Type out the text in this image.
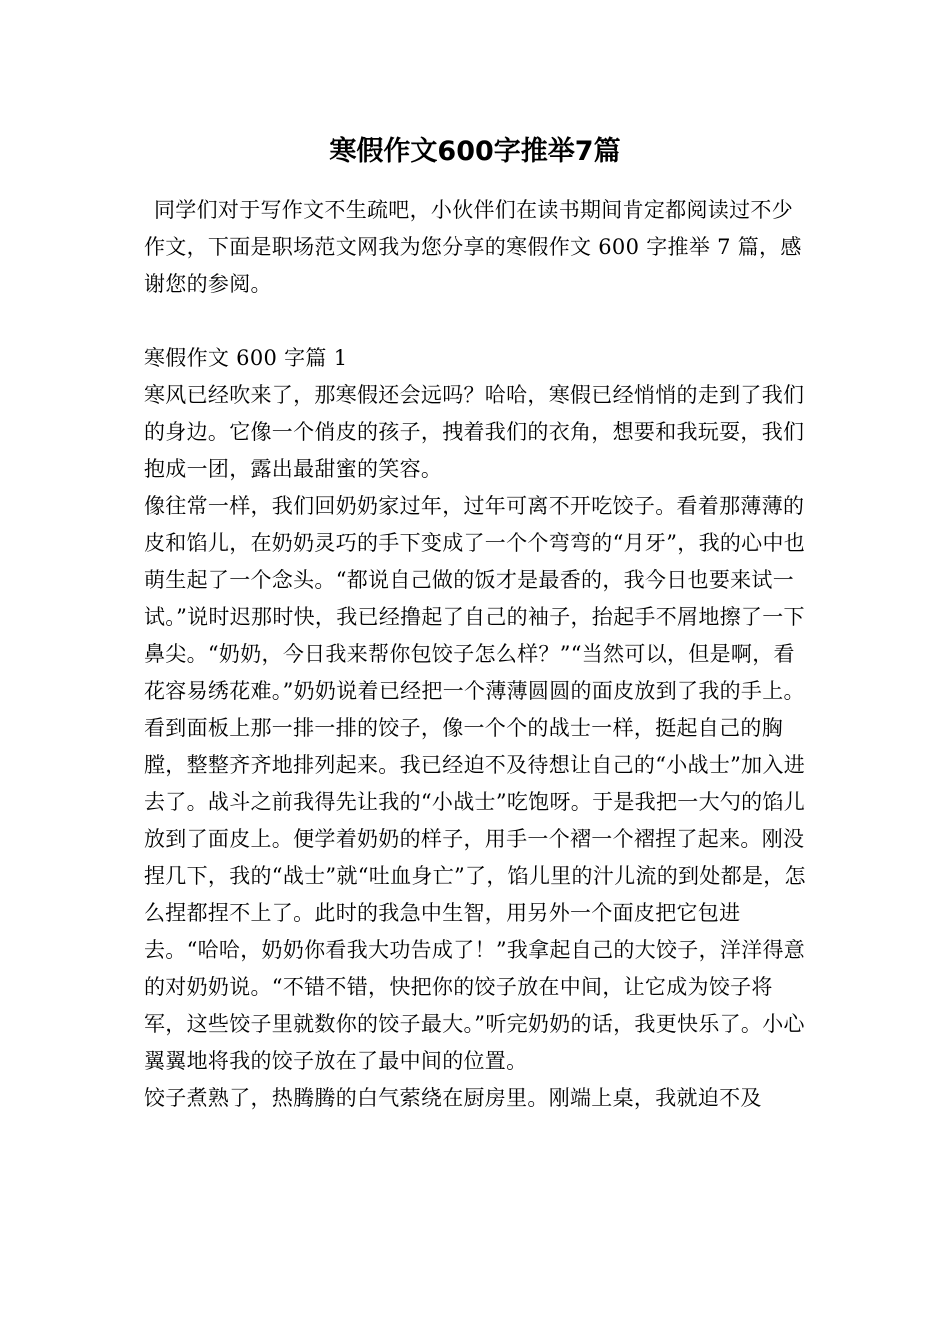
寒假作文600字推举7篇

同学们对于写作文不生疏吧，小伙伴们在读书期间肯定都阅读过不少作文，下面是职场范文网我为您分享的寒假作文 600 字推举 7 篇，感谢您的参阅。

寒假作文 600 字篇 1

寒风已经吹来了，那寒假还会远吗？哈哈，寒假已经悄悄的走到了我们的身边。它像一个俏皮的孩子，拽着我们的衣角，想要和我玩耍，我们抱成一团，露出最甜蜜的笑容。

像往常一样，我们回奶奶家过年，过年可离不开吃饺子。看着那薄薄的皮和馅儿，在奶奶灵巧的手下变成了一个个弯弯的“月牙”，我的心中也萌生起了一个念头。“都说自己做的饭才是最香的，我今日也要来试一试。”说时迟那时快，我已经撸起了自己的袖子，抬起手不屑地擦了一下鼻尖。“奶奶，今日我来帮你包饺子怎么样？”“当然可以，但是啊，看花容易绣花难。”奶奶说着已经把一个薄薄圆圆的面皮放到了我的手上。

看到面板上那一排一排的饺子，像一个个的战士一样，挺起自己的胸膛，整整齐齐地排列起来。我已经迫不及待想让自己的“小战士”加入进去了。战斗之前我得先让我的“小战士”吃饱呀。于是我把一大勺的馅儿放到了面皮上。便学着奶奶的样子，用手一个褶一个褶捏了起来。刚没捏几下，我的“战士”就“吐血身亡”了，馅儿里的汁儿流的到处都是，怎么捏都捏不上了。此时的我急中生智，用另外一个面皮把它包进去。“哈哈，奶奶你看我大功告成了！”我拿起自己的大饺子，洋洋得意的对奶奶说。“不错不错，快把你的饺子放在中间，让它成为饺子将军，这些饺子里就数你的饺子最大。”听完奶奶的话，我更快乐了。小心翼翼地将我的饺子放在了最中间的位置。

饺子煮熟了，热腾腾的白气萦绕在厨房里。刚端上桌，我就迫不及
